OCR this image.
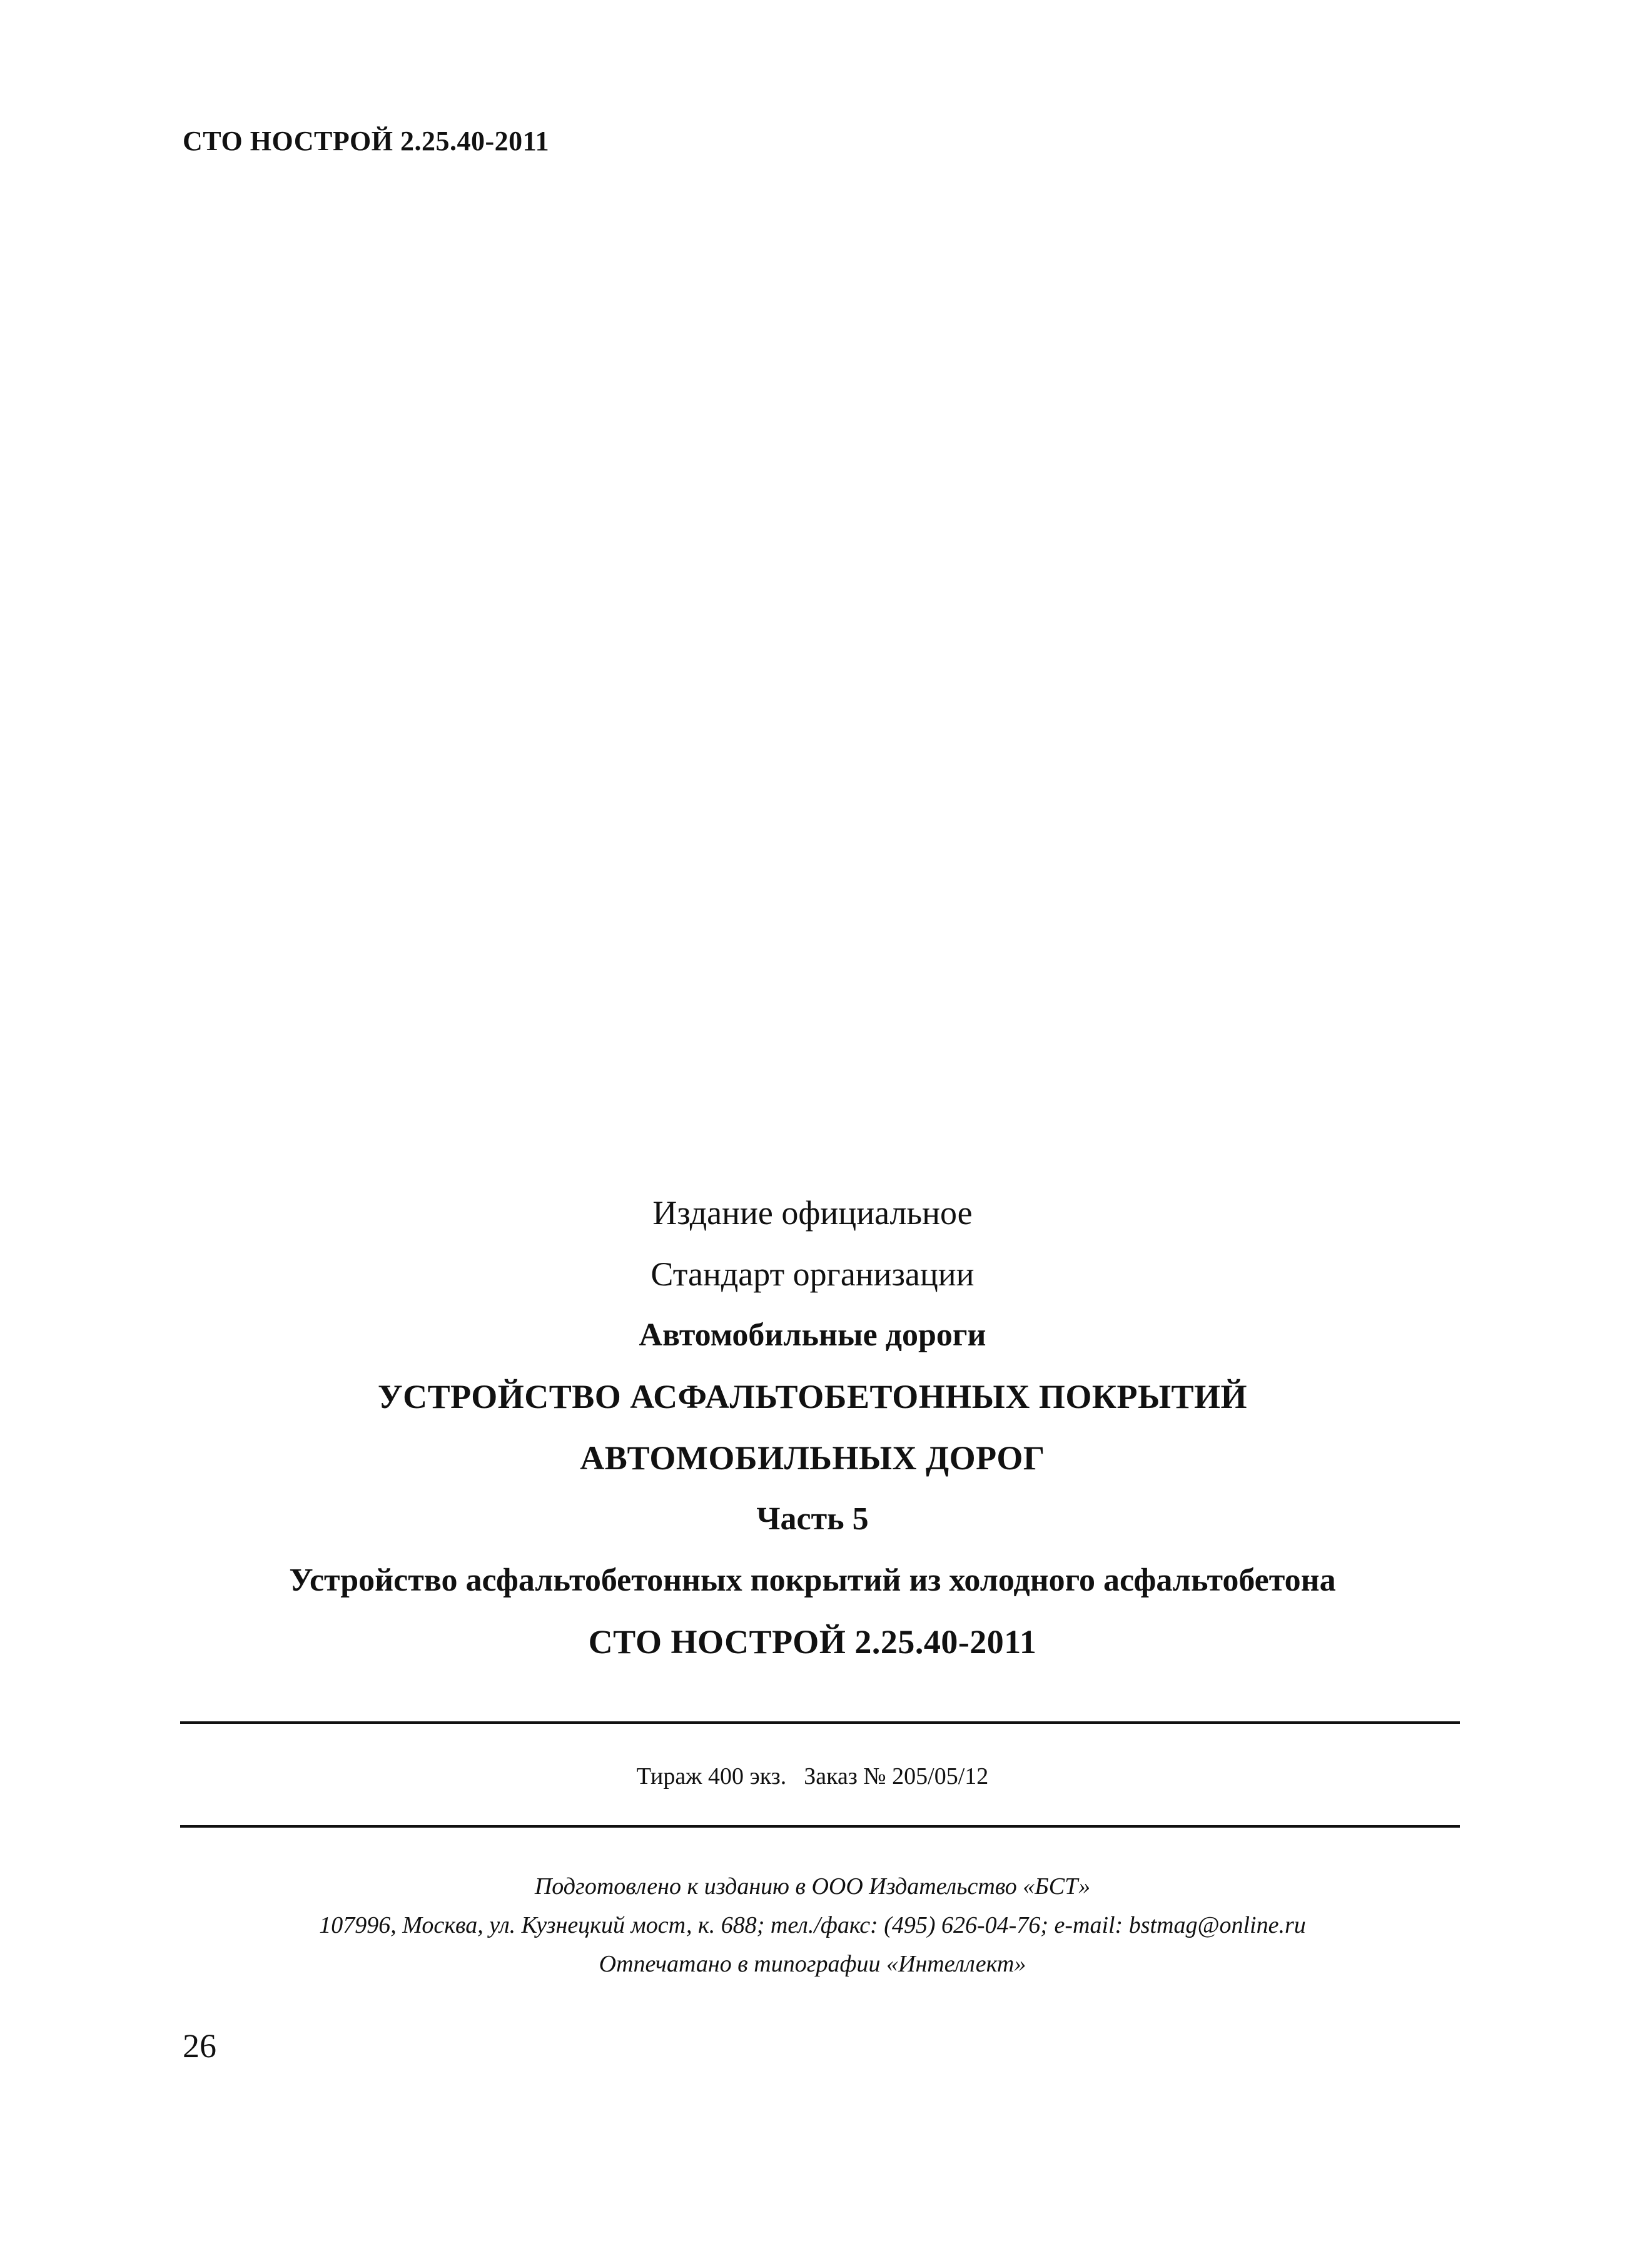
СТО НОСТРОЙ 2.25.40-2011
Издание официальное
Стандарт организации
Автомобильные дороги
УСТРОЙСТВО АСФАЛЬТОБЕТОННЫХ ПОКРЫТИЙ
АВТОМОБИЛЬНЫХ ДОРОГ
Часть 5
Устройство асфальтобетонных покрытий из холодного асфальтобетона
СТО НОСТРОЙ 2.25.40-2011
Тираж 400 экз. Заказ № 205/05/12
Подготовлено к изданию в ООО Издательство «БСТ»
107996, Москва, ул. Кузнецкий мост, к. 688; тел./факс: (495) 626-04-76; e-mail: bstmag@online.ru
Отпечатано в типографии «Интеллект»
26
